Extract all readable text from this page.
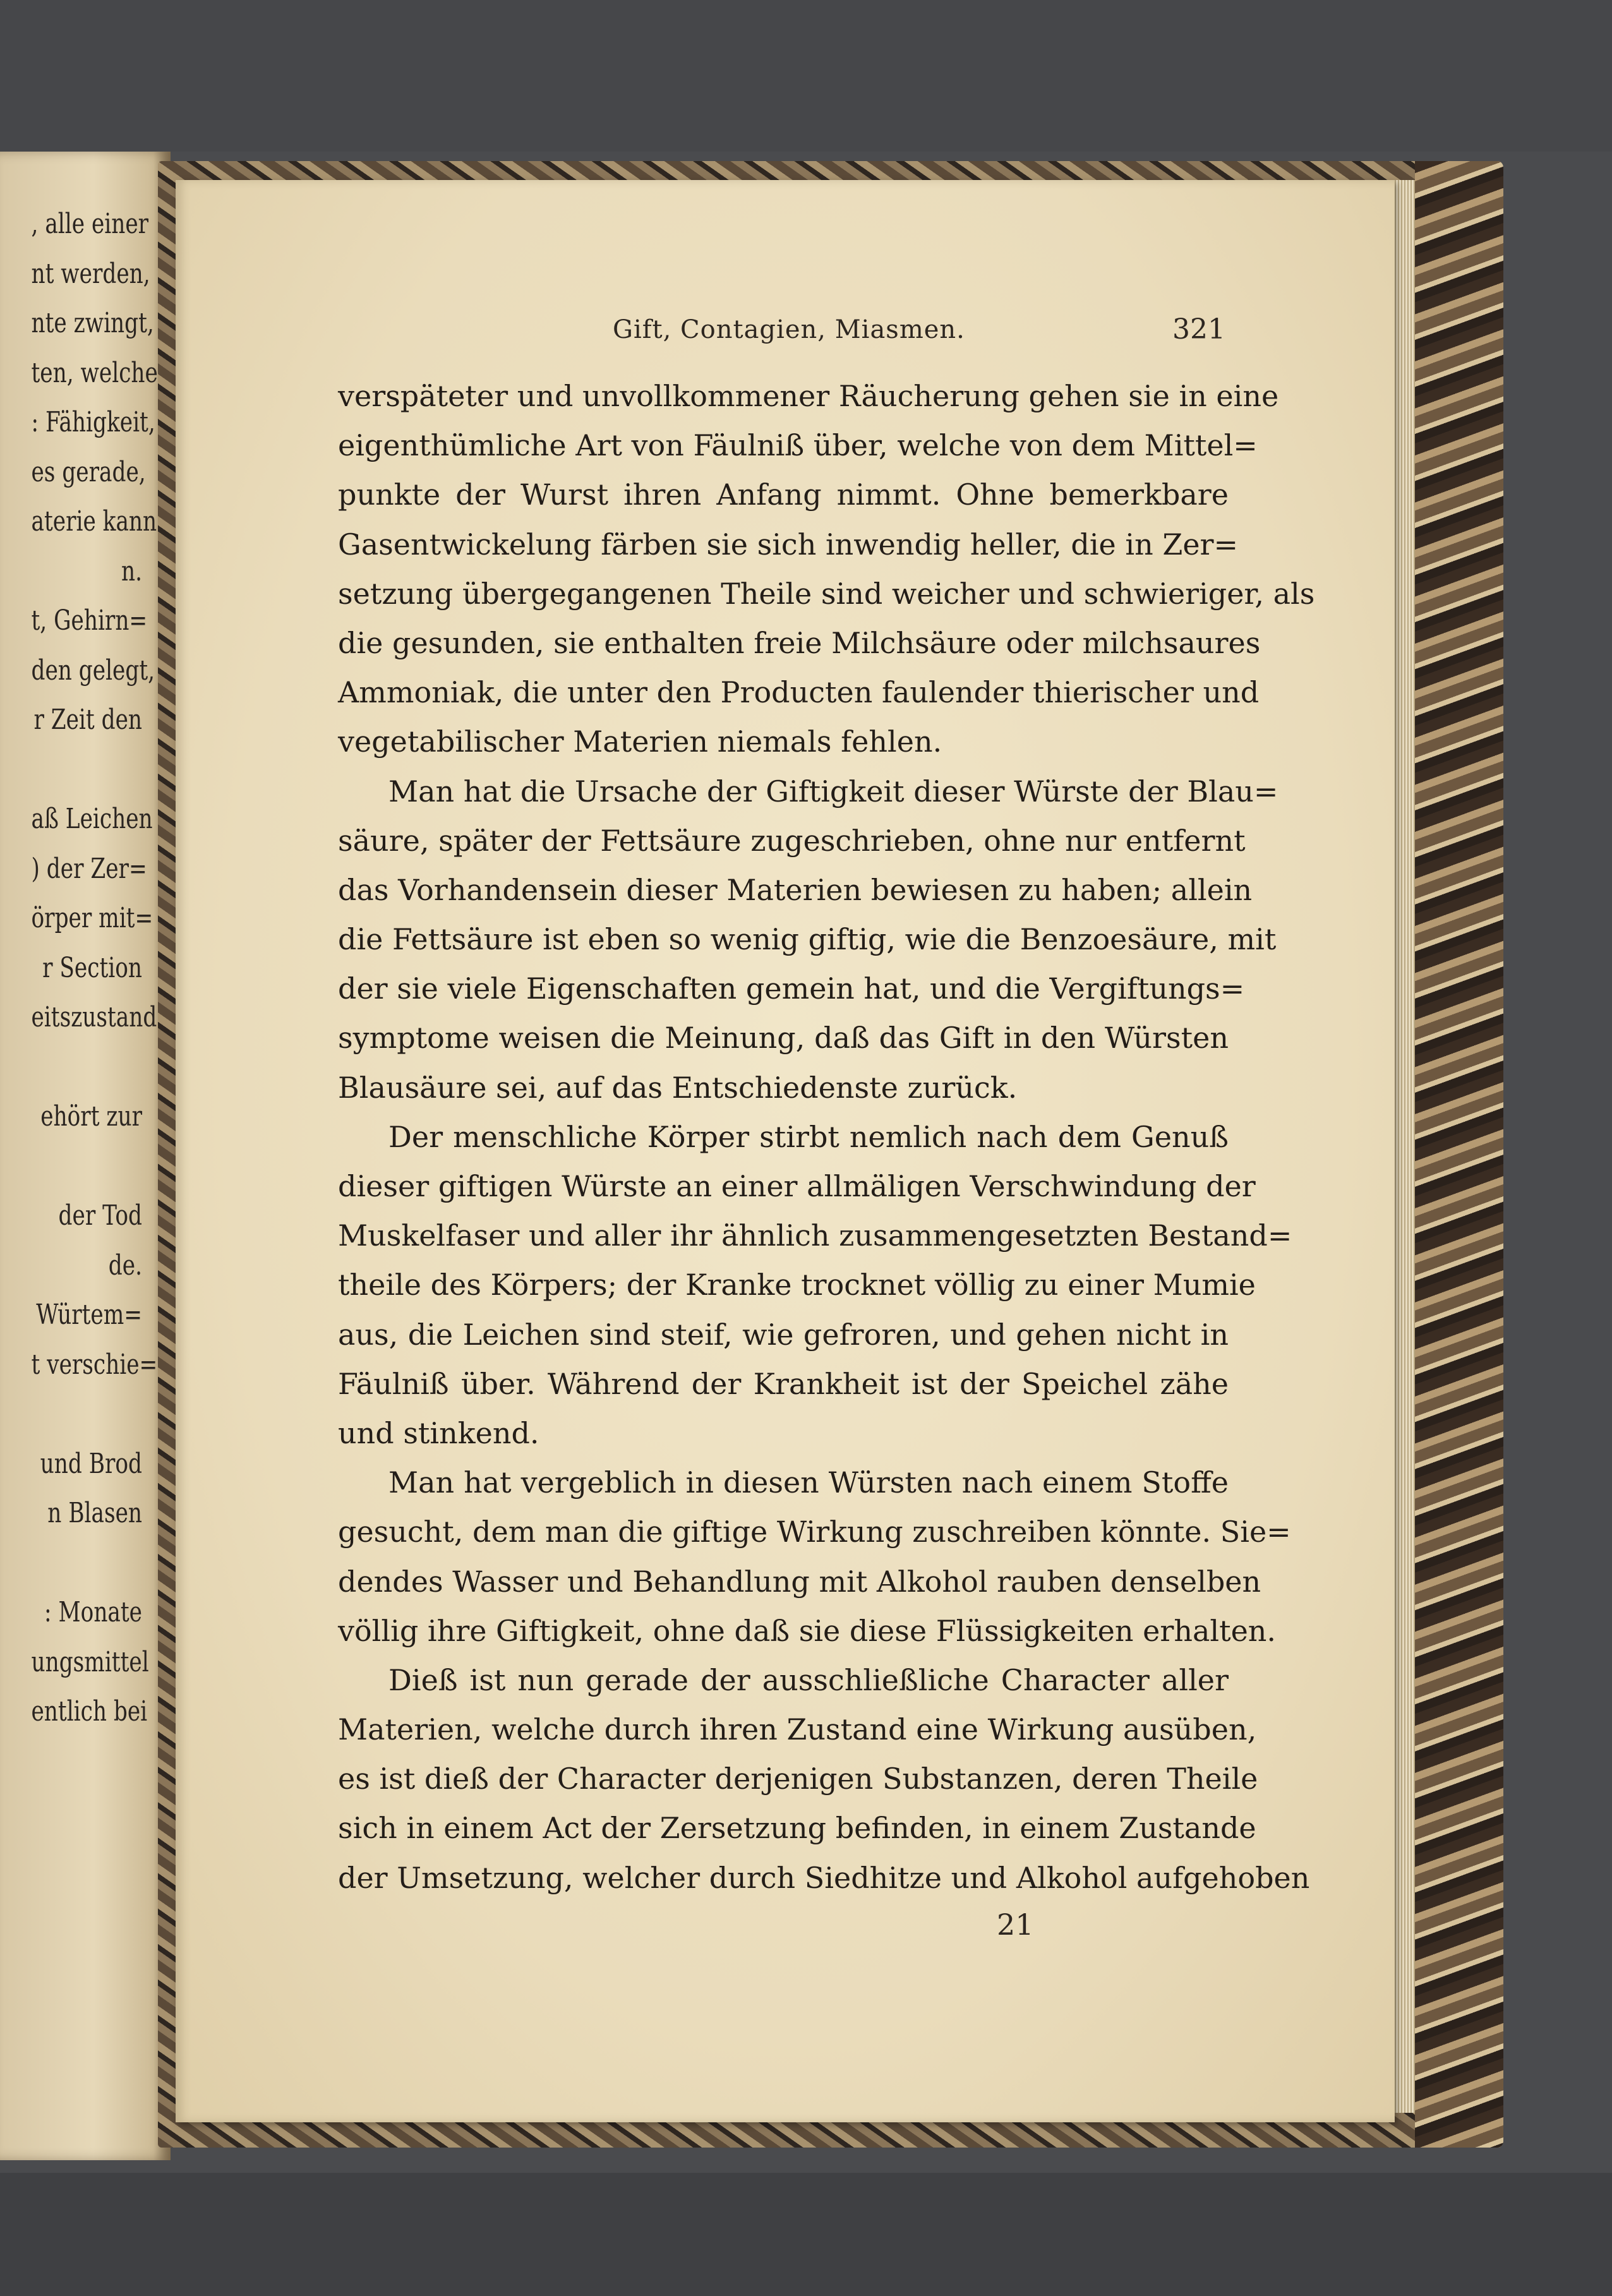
, alle einer
nt werden,
nte zwingt,
ten, welche
: Fähigkeit,
es gerade,
aterie kann
n.
t, Gehirn=
den gelegt,
r Zeit den
aß Leichen
) der Zer=
örper mit=
r Section
eitszustand
ehört zur
der Tod
de.
Würtem=
t verschie=
und Brod
n Blasen
: Monate
ungsmittel
entlich bei
Gift, Contagien, Miasmen.	321
verspäteter und unvollkommener Räucherung gehen sie in eine
eigenthümliche Art von Fäulniß über, welche von dem Mittel=
punkte der Wurst ihren Anfang nimmt. Ohne bemerkbare
Gasentwickelung färben sie sich inwendig heller, die in Zer=
setzung übergegangenen Theile sind weicher und schwieriger, als
die gesunden, sie enthalten freie Milchsäure oder milchsaures
Ammoniak, die unter den Producten faulender thierischer und
vegetabilischer Materien niemals fehlen.
Man hat die Ursache der Giftigkeit dieser Würste der Blau=
säure, später der Fettsäure zugeschrieben, ohne nur entfernt
das Vorhandensein dieser Materien bewiesen zu haben; allein
die Fettsäure ist eben so wenig giftig, wie die Benzoesäure, mit
der sie viele Eigenschaften gemein hat, und die Vergiftungs=
symptome weisen die Meinung, daß das Gift in den Würsten
Blausäure sei, auf das Entschiedenste zurück.
Der menschliche Körper stirbt nemlich nach dem Genuß
dieser giftigen Würste an einer allmäligen Verschwindung der
Muskelfaser und aller ihr ähnlich zusammengesetzten Bestand=
theile des Körpers; der Kranke trocknet völlig zu einer Mumie
aus, die Leichen sind steif, wie gefroren, und gehen nicht in
Fäulniß über. Während der Krankheit ist der Speichel zähe
und stinkend.
Man hat vergeblich in diesen Würsten nach einem Stoffe
gesucht, dem man die giftige Wirkung zuschreiben könnte. Sie=
dendes Wasser und Behandlung mit Alkohol rauben denselben
völlig ihre Giftigkeit, ohne daß sie diese Flüssigkeiten erhalten.
Dieß ist nun gerade der ausschließliche Character aller
Materien, welche durch ihren Zustand eine Wirkung ausüben,
es ist dieß der Character derjenigen Substanzen, deren Theile
sich in einem Act der Zersetzung befinden, in einem Zustande
der Umsetzung, welcher durch Siedhitze und Alkohol aufgehoben
21
